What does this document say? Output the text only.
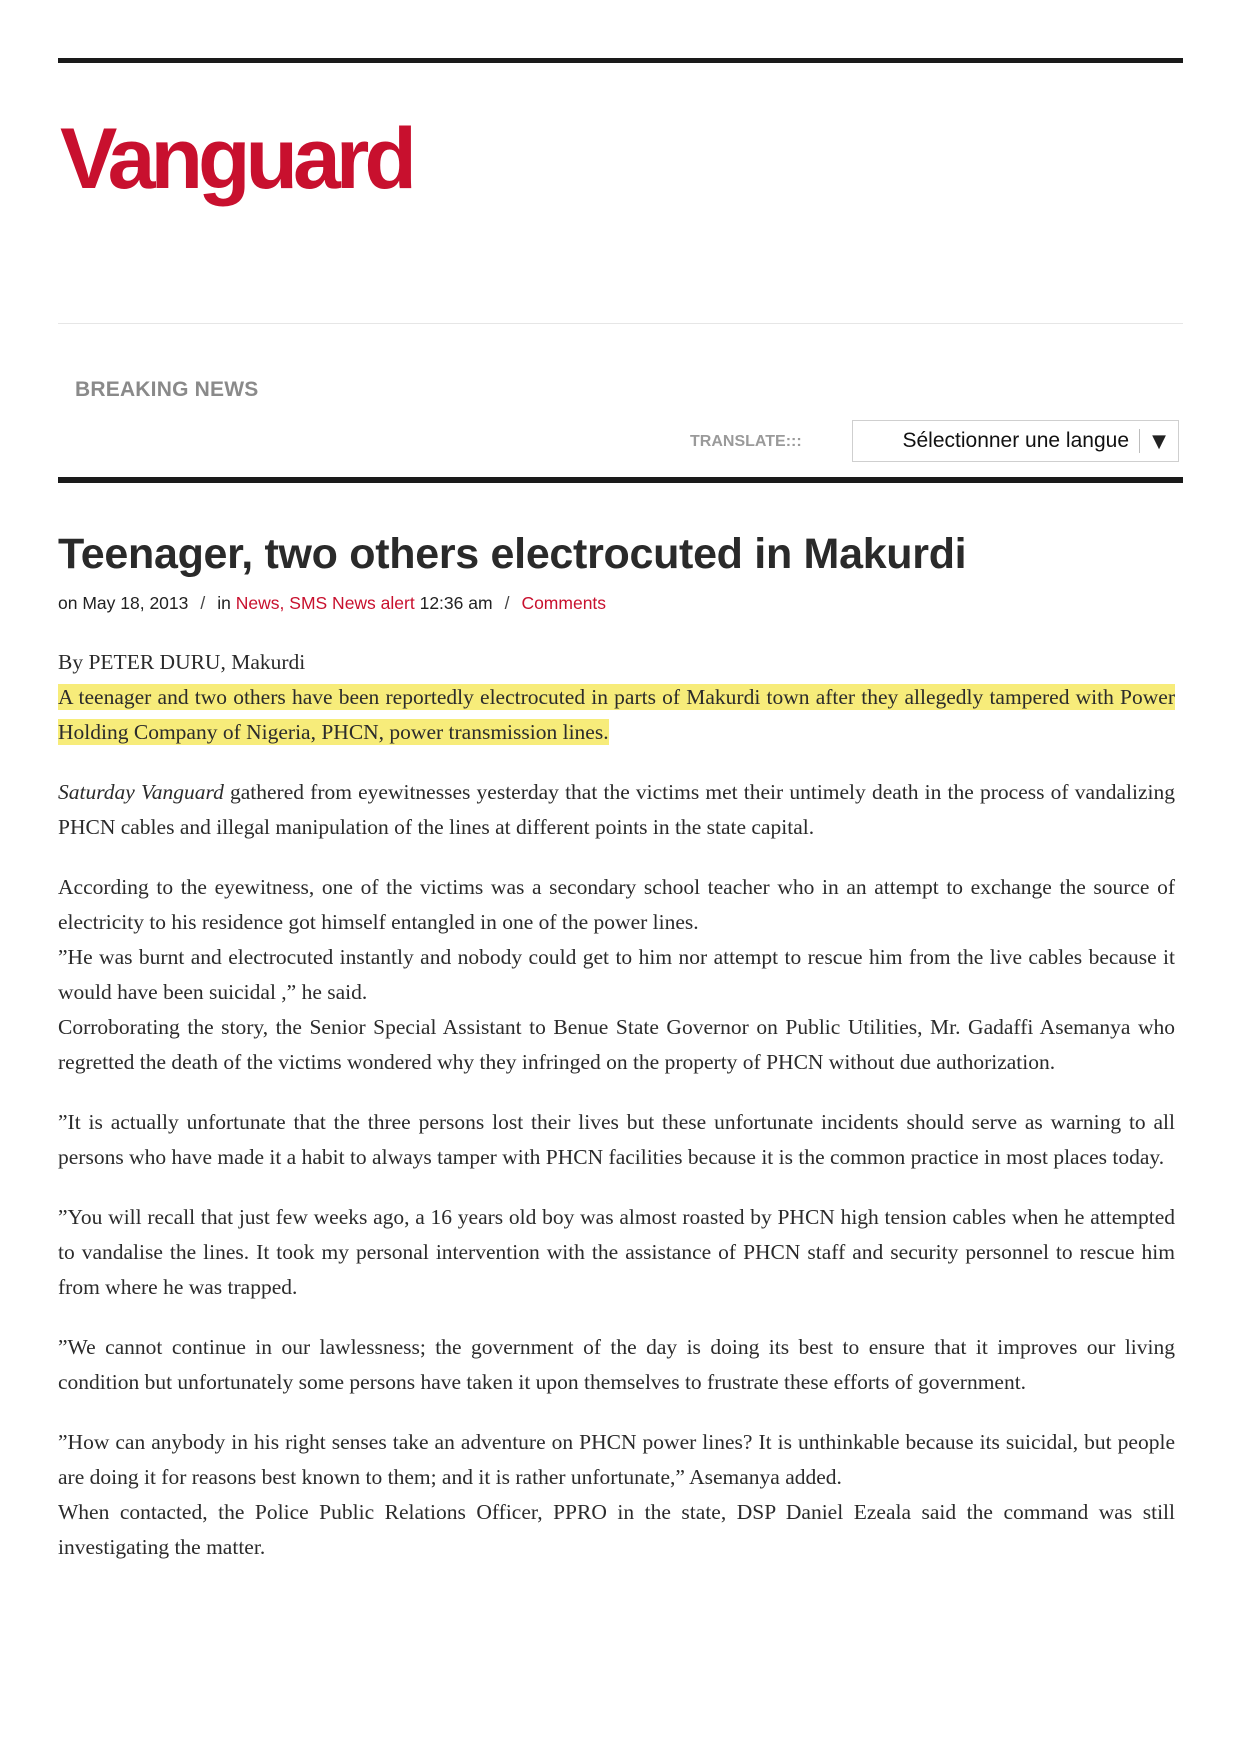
Vanguard
BREAKING NEWS
TRANSLATE:::	Sélectionner une langue	▼
Teenager, two others electrocuted in Makurdi
on May 18, 2013 / in News, SMS News alert 12:36 am / Comments

By PETER DURU, Makurdi

A teenager and two others have been reportedly electrocuted in parts of Makurdi town after they allegedly tampered with Power Holding Company of Nigeria, PHCN, power transmission lines.

Saturday Vanguard gathered from eyewitnesses yesterday that the victims met their untimely death in the process of vandalizing PHCN cables and illegal manipulation of the lines at different points in the state capital.

According to the eyewitness, one of the victims was a secondary school teacher who in an attempt to exchange the source of electricity to his residence got himself entangled in one of the power lines.

”He was burnt and electrocuted instantly and nobody could get to him nor attempt to rescue him from the live cables because it would have been suicidal ,” he said.

Corroborating the story, the Senior Special Assistant to Benue State Governor on Public Utilities, Mr. Gadaffi Asemanya who regretted the death of the victims wondered why they infringed on the property of PHCN without due authorization.

”It is actually unfortunate that the three persons lost their lives but these unfortunate incidents should serve as warning to all persons who have made it a habit to always tamper with PHCN facilities because it is the common practice in most places today.

”You will recall that just few weeks ago, a 16 years old boy was almost roasted by PHCN high tension cables when he attempted to vandalise the lines. It took my personal intervention with the assistance of PHCN staff and security personnel to rescue him from where he was trapped.

”We cannot continue in our lawlessness; the government of the day is doing its best to ensure that it improves our living condition but unfortunately some persons have taken it upon themselves to frustrate these efforts of government.

”How can anybody in his right senses take an adventure on PHCN power lines? It is unthinkable because its suicidal, but people are doing it for reasons best known to them; and it is rather unfortunate,” Asemanya added.

When contacted, the Police Public Relations Officer, PPRO in the state, DSP Daniel Ezeala said the command was still investigating the matter.
